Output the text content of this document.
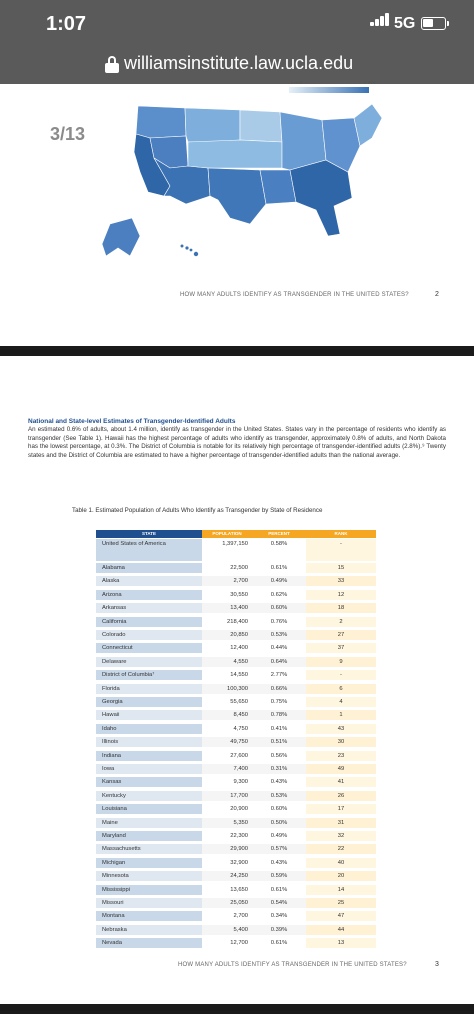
1:07	5G
williamsinstitute.law.ucla.edu
0.00%	0.78%
3/13
HOW MANY ADULTS IDENTIFY AS TRANSGENDER IN THE UNITED STATES?	2
National and State-level Estimates of Transgender-Identified Adults
An estimated 0.6% of adults, about 1.4 million, identify as transgender in the United States. States vary in the percentage of residents who identify as transgender (See Table 1). Hawaii has the highest percentage of adults who identify as transgender, approximately 0.8% of adults, and North Dakota has the lowest percentage, at 0.3%. The District of Columbia is notable for its relatively high percentage of transgender-identified adults (2.8%).⁹ Twenty states and the District of Columbia are estimated to have a higher percentage of transgender-identified adults than the national average.
Table 1. Estimated Population of Adults Who Identify as Transgender by State of Residence
STATE	POPULATION	PERCENT	RANK
United States of America	1,397,150	0.58%	-
Alabama	22,500	0.61%	15
Alaska	2,700	0.49%	33
Arizona	30,550	0.62%	12
Arkansas	13,400	0.60%	18
California	218,400	0.76%	2
Colorado	20,850	0.53%	27
Connecticut	12,400	0.44%	37
Delaware	4,550	0.64%	9
District of Columbia⁷	14,550	2.77%	-
Florida	100,300	0.66%	6
Georgia	55,650	0.75%	4
Hawaii	8,450	0.78%	1
Idaho	4,750	0.41%	43
Illinois	49,750	0.51%	30
Indiana	27,600	0.56%	23
Iowa	7,400	0.31%	49
Kansas	9,300	0.43%	41
Kentucky	17,700	0.53%	26
Louisiana	20,900	0.60%	17
Maine	5,350	0.50%	31
Maryland	22,300	0.49%	32
Massachusetts	29,900	0.57%	22
Michigan	32,900	0.43%	40
Minnesota	24,250	0.59%	20
Mississippi	13,650	0.61%	14
Missouri	25,050	0.54%	25
Montana	2,700	0.34%	47
Nebraska	5,400	0.39%	44
Nevada	12,700	0.61%	13
HOW MANY ADULTS IDENTIFY AS TRANSGENDER IN THE UNITED STATES?	3
